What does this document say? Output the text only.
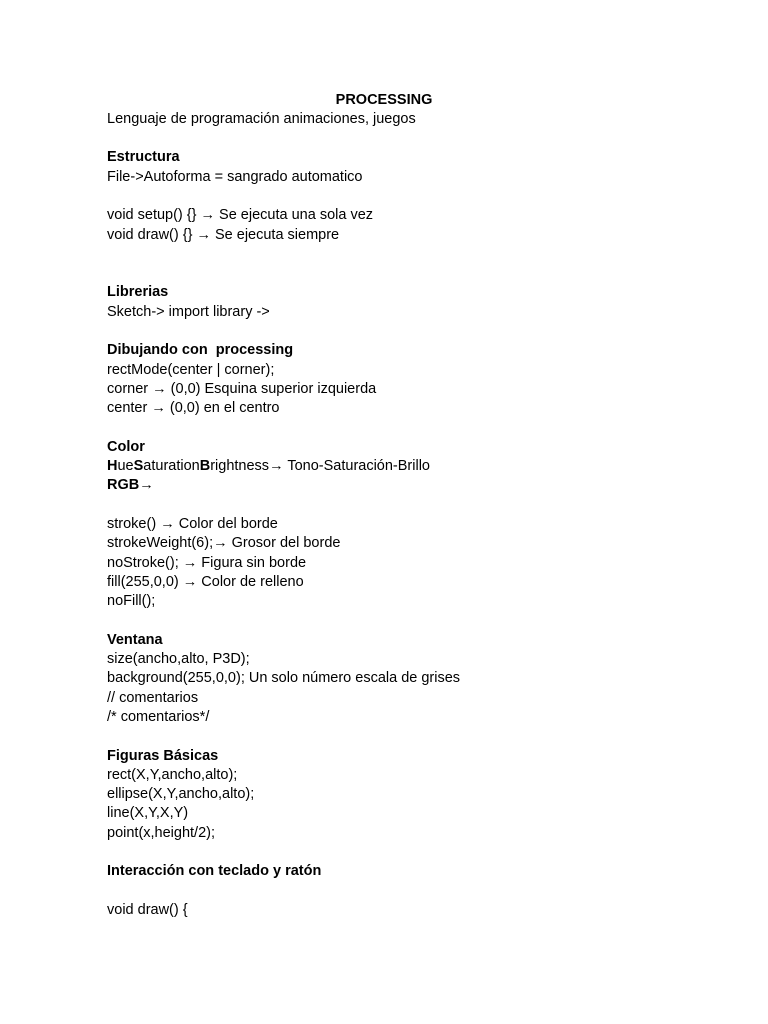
PROCESSING
Lenguaje de programación animaciones, juegos
Estructura
File->Autoforma = sangrado automatico
void setup() {} → Se ejecuta una sola vez
void draw() {} → Se ejecuta siempre
Librerias
Sketch-> import library ->
Dibujando con  processing
rectMode(center | corner);
corner → (0,0) Esquina superior izquierda
center → (0,0) en el centro
Color
HueSaturationBrightness→ Tono-Saturación-Brillo
RGB→
stroke() → Color del borde
strokeWeight(6);→ Grosor del borde
noStroke(); → Figura sin borde
fill(255,0,0) → Color de relleno
noFill();
Ventana
size(ancho,alto, P3D);
background(255,0,0); Un solo número escala de grises
// comentarios
/* comentarios*/
Figuras Básicas
rect(X,Y,ancho,alto);
ellipse(X,Y,ancho,alto);
line(X,Y,X,Y)
point(x,height/2);
Interacción con teclado y ratón
void draw() {
